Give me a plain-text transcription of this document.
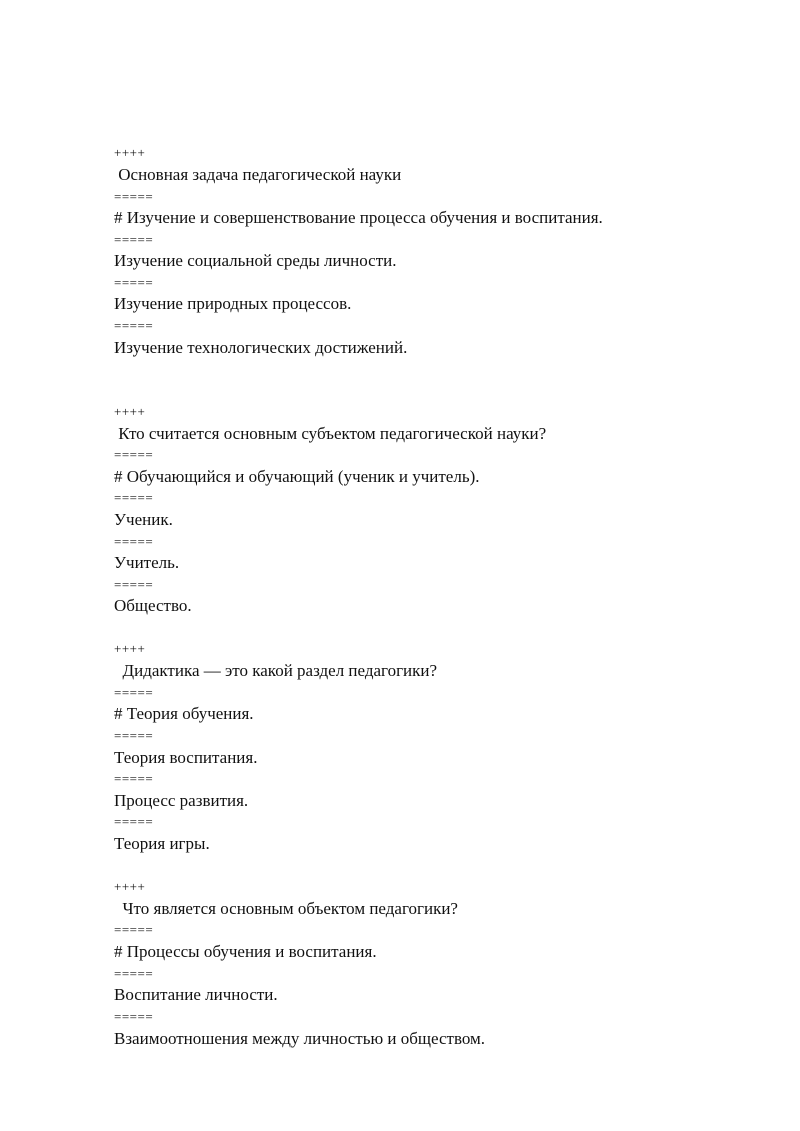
++++
Основная задача педагогической науки
=====
# Изучение и совершенствование процесса обучения и воспитания.
=====
Изучение социальной среды личности.
=====
Изучение природных процессов.
=====
Изучение технологических достижений.
++++
Кто считается основным субъектом педагогической науки?
=====
# Обучающийся и обучающий (ученик и учитель).
=====
Ученик.
=====
Учитель.
=====
Общество.
++++
Дидактика — это какой раздел педагогики?
=====
# Теория обучения.
=====
Теория воспитания.
=====
Процесс развития.
=====
Теория игры.
++++
Что является основным объектом педагогики?
=====
# Процессы обучения и воспитания.
=====
Воспитание личности.
=====
Взаимоотношения между личностью и обществом.
